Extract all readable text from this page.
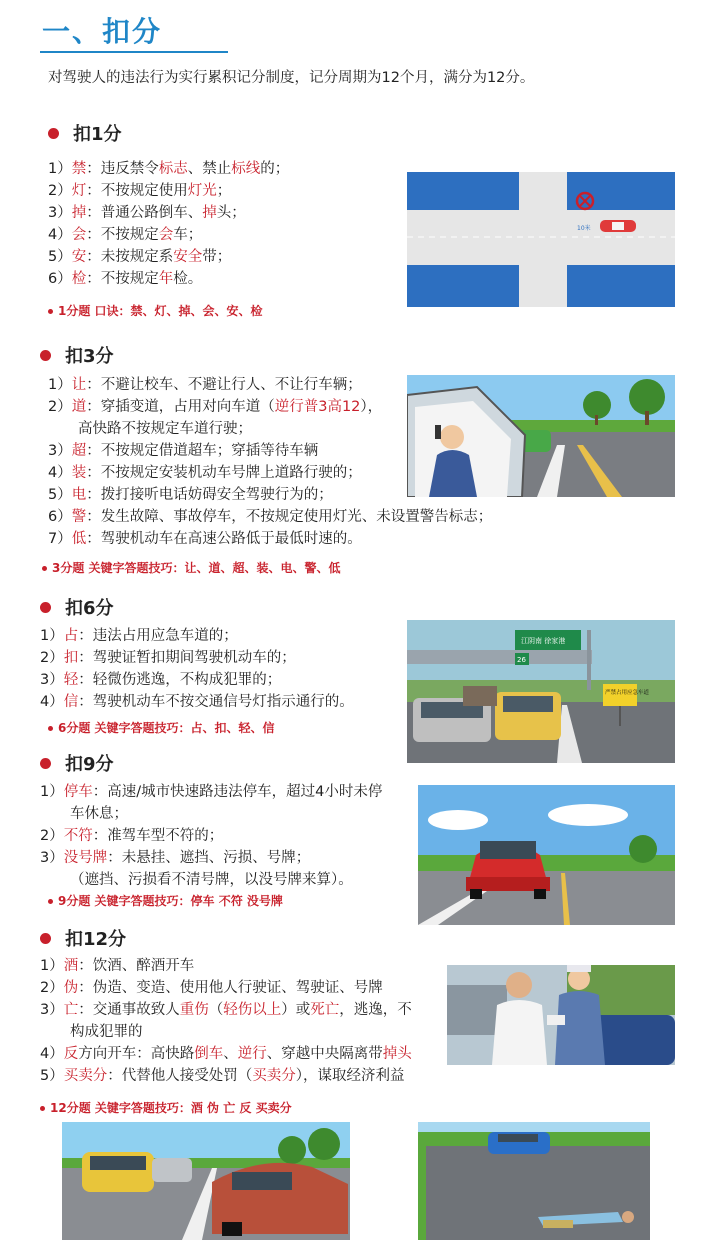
一、扣分
对驾驶人的违法行为实行累积记分制度，记分周期为12个月，满分为12分。
扣1分
1）禁：违反禁令标志、禁止标线的；
2）灯：不按规定使用灯光；
3）掉：普通公路倒车、掉头；
4）会：不按规定会车；
5）安：未按规定系安全带；
6）检：不按规定年检。
1分题 口诀：禁、灯、掉、会、安、检
10米
扣3分
1）让：不避让校车、不避让行人、不让行车辆；
2）道：穿插变道，占用对向车道（逆行普3高12），
高快路不按规定车道行驶；
3）超：不按规定借道超车；穿插等待车辆
4）装：不按规定安装机动车号牌上道路行驶的；
5）电：拨打接听电话妨碍安全驾驶行为的；
6）警：发生故障、事故停车，不按规定使用灯光、未设置警告标志；
7）低：驾驶机动车在高速公路低于最低时速的。
3分题 关键字答题技巧：让、道、超、装、电、警、低
扣6分
1）占：违法占用应急车道的；
2）扣：驾驶证暂扣期间驾驶机动车的；
3）轻：轻微伤逃逸，不构成犯罪的；
4）信：驾驶机动车不按交通信号灯指示通行的。
6分题 关键字答题技巧：占、扣、轻、信
江阴南 徐家港
26
严禁占用应急车道
扣9分
1）停车：高速/城市快速路违法停车，超过4小时未停
车休息；
2）不符：准驾车型不符的；
3）没号牌：未悬挂、遮挡、污损、号牌；
（遮挡、污损看不清号牌，以没号牌来算）。
9分题 关键字答题技巧：停车 不符 没号牌
扣12分
1）酒：饮酒、醉酒开车
2）伪：伪造、变造、使用他人行驶证、驾驶证、号牌
3）亡：交通事故致人重伤（轻伤以上）或死亡，逃逸，不
构成犯罪的
4）反方向开车：高快路倒车、逆行、穿越中央隔离带掉头
5）买卖分：代替他人接受处罚（买卖分），谋取经济利益
12分题 关键字答题技巧：酒 伪 亡 反 买卖分
